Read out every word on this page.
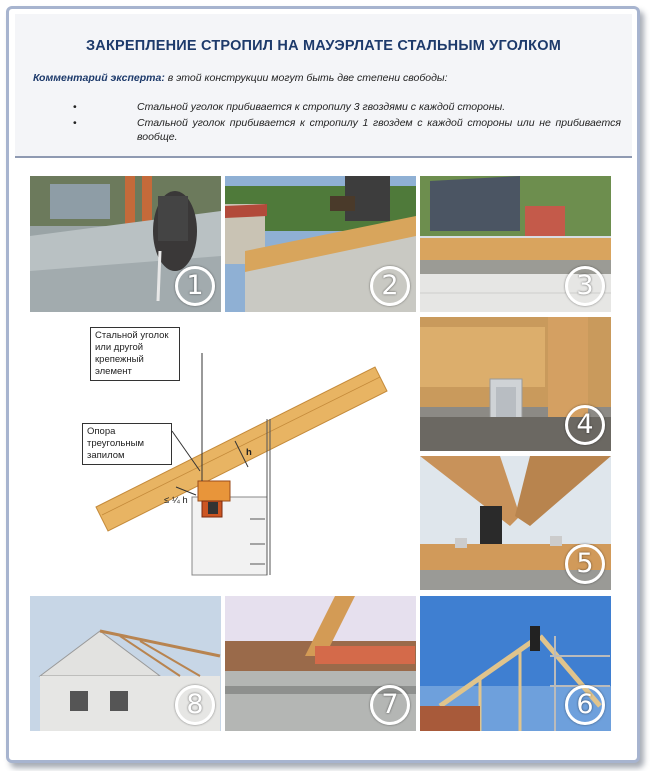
ЗАКРЕПЛЕНИЕ СТРОПИЛ НА МАУЭРЛАТЕ СТАЛЬНЫМ УГОЛКОМ
Комментарий эксперта: в этой конструкции могут быть две степени свободы:
•	Стальной уголок прибивается к стропилу 3 гвоздями с каждой стороны.
•	Стальной уголок прибивается к стропилу 1 гвоздем с каждой стороны или не прибивается вообще.
1	2	3
Стальной уголок или другой крепежный элемент
Опора треугольным запилом	h
≤ ¼ h
4
5
8	7	6
